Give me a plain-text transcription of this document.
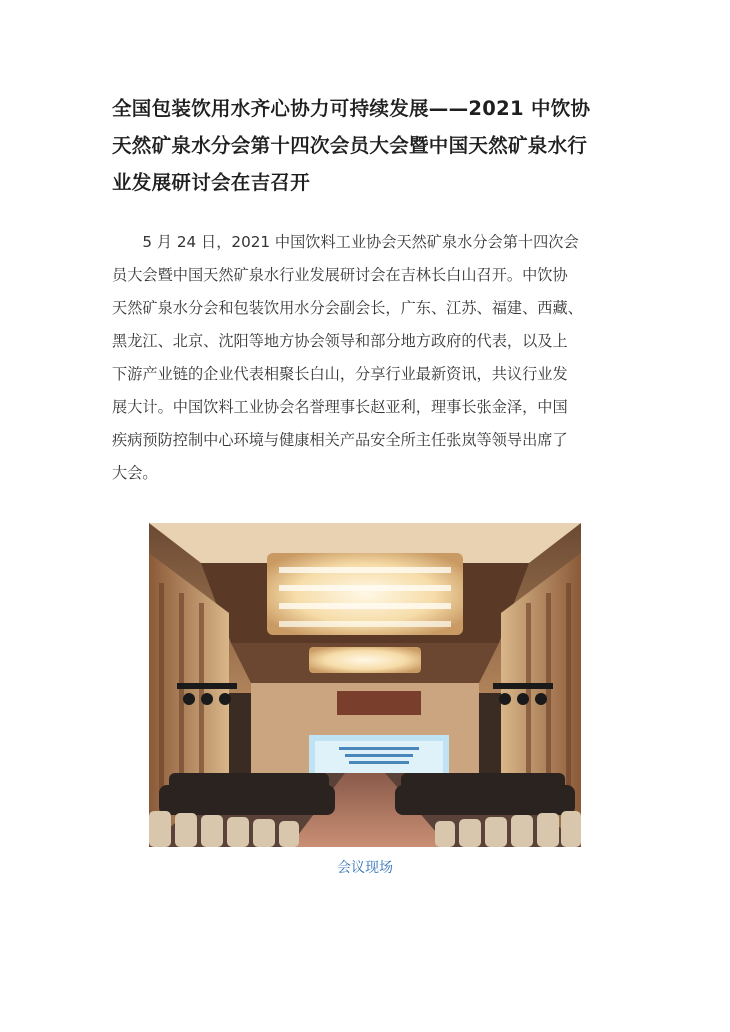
全国包装饮用水齐心协力可持续发展——2021 中饮协
天然矿泉水分会第十四次会员大会暨中国天然矿泉水行
业发展研讨会在吉召开
　　5 月 24 日，2021 中国饮料工业协会天然矿泉水分会第十四次会
员大会暨中国天然矿泉水行业发展研讨会在吉林长白山召开。中饮协
天然矿泉水分会和包装饮用水分会副会长，广东、江苏、福建、西藏、
黑龙江、北京、沈阳等地方协会领导和部分地方政府的代表，以及上
下游产业链的企业代表相聚长白山，分享行业最新资讯，共议行业发
展大计。中国饮料工业协会名誉理事长赵亚利，理事长张金泽，中国
疾病预防控制中心环境与健康相关产品安全所主任张岚等领导出席了
大会。
会议现场
